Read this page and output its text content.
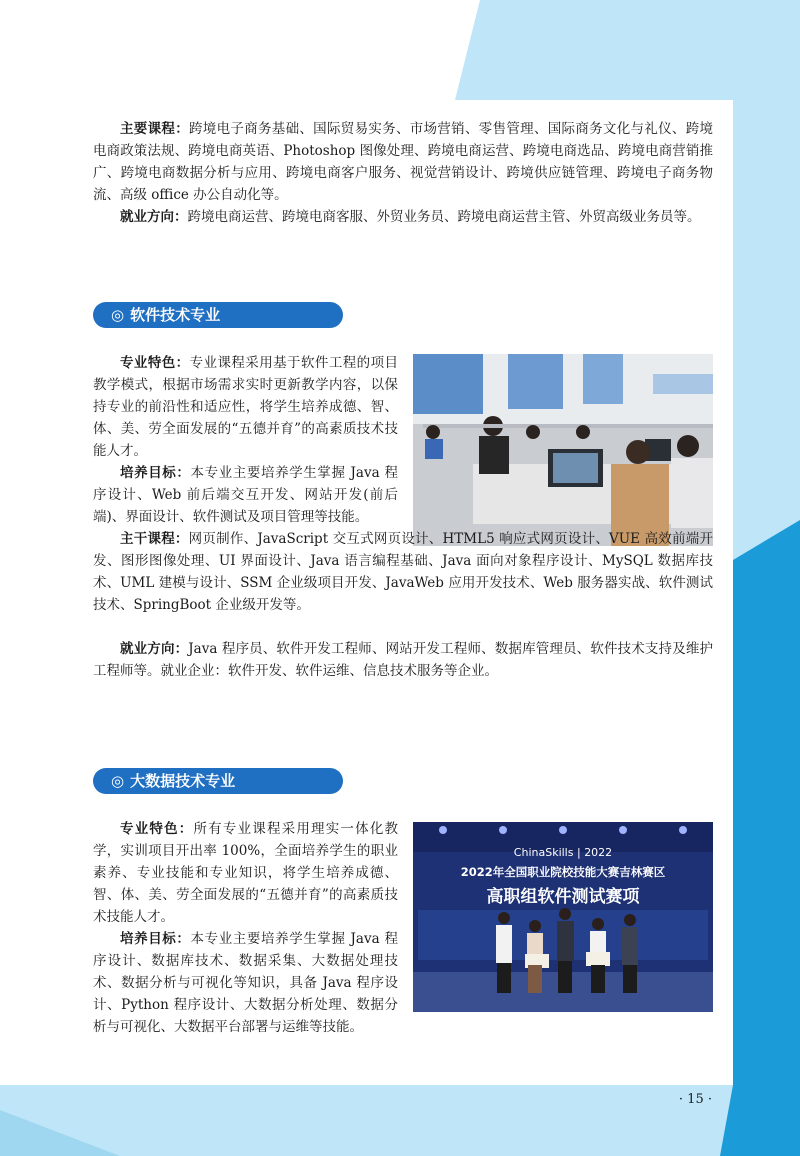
主要课程：跨境电子商务基础、国际贸易实务、市场营销、零售管理、国际商务文化与礼仪、跨境电商政策法规、跨境电商英语、Photoshop 图像处理、跨境电商运营、跨境电商选品、跨境电商营销推广、跨境电商数据分析与应用、跨境电商客户服务、视觉营销设计、跨境供应链管理、跨境电子商务物流、高级 office 办公自动化等。

就业方向：跨境电商运营、跨境电商客服、外贸业务员、跨境电商运营主管、外贸高级业务员等。

◎ 软件技术专业

专业特色：专业课程采用基于软件工程的项目教学模式，根据市场需求实时更新教学内容，以保持专业的前沿性和适应性，将学生培养成德、智、体、美、劳全面发展的“五德并育”的高素质技术技能人才。

培养目标：本专业主要培养学生掌握 Java 程序设计、Web 前后端交互开发、网站开发(前后端)、界面设计、软件测试及项目管理等技能。

主干课程：网页制作、JavaScript 交互式网页设计、HTML5 响应式网页设计、VUE 高效前端开发、图形图像处理、UI 界面设计、Java 语言编程基础、Java 面向对象程序设计、MySQL 数据库技术、UML 建模与设计、SSM 企业级项目开发、JavaWeb 应用开发技术、Web 服务器实战、软件测试技术、SpringBoot 企业级开发等。

就业方向：Java 程序员、软件开发工程师、网站开发工程师、数据库管理员、软件技术支持及维护工程师等。就业企业：软件开发、软件运维、信息技术服务等企业。

◎ 大数据技术专业

专业特色：所有专业课程采用理实一体化教学，实训项目开出率 100%，全面培养学生的职业素养、专业技能和专业知识，将学生培养成德、智、体、美、劳全面发展的“五德并育”的高素质技术技能人才。

培养目标：本专业主要培养学生掌握 Java 程序设计、数据库技术、数据采集、大数据处理技术、数据分析与可视化等知识，具备 Java 程序设计、Python 程序设计、大数据分析处理、数据分析与可视化、大数据平台部署与运维等技能。

ChinaSkills | 2022
2022年全国职业院校技能大赛吉林赛区
高职组软件测试赛项
· 15 ·
